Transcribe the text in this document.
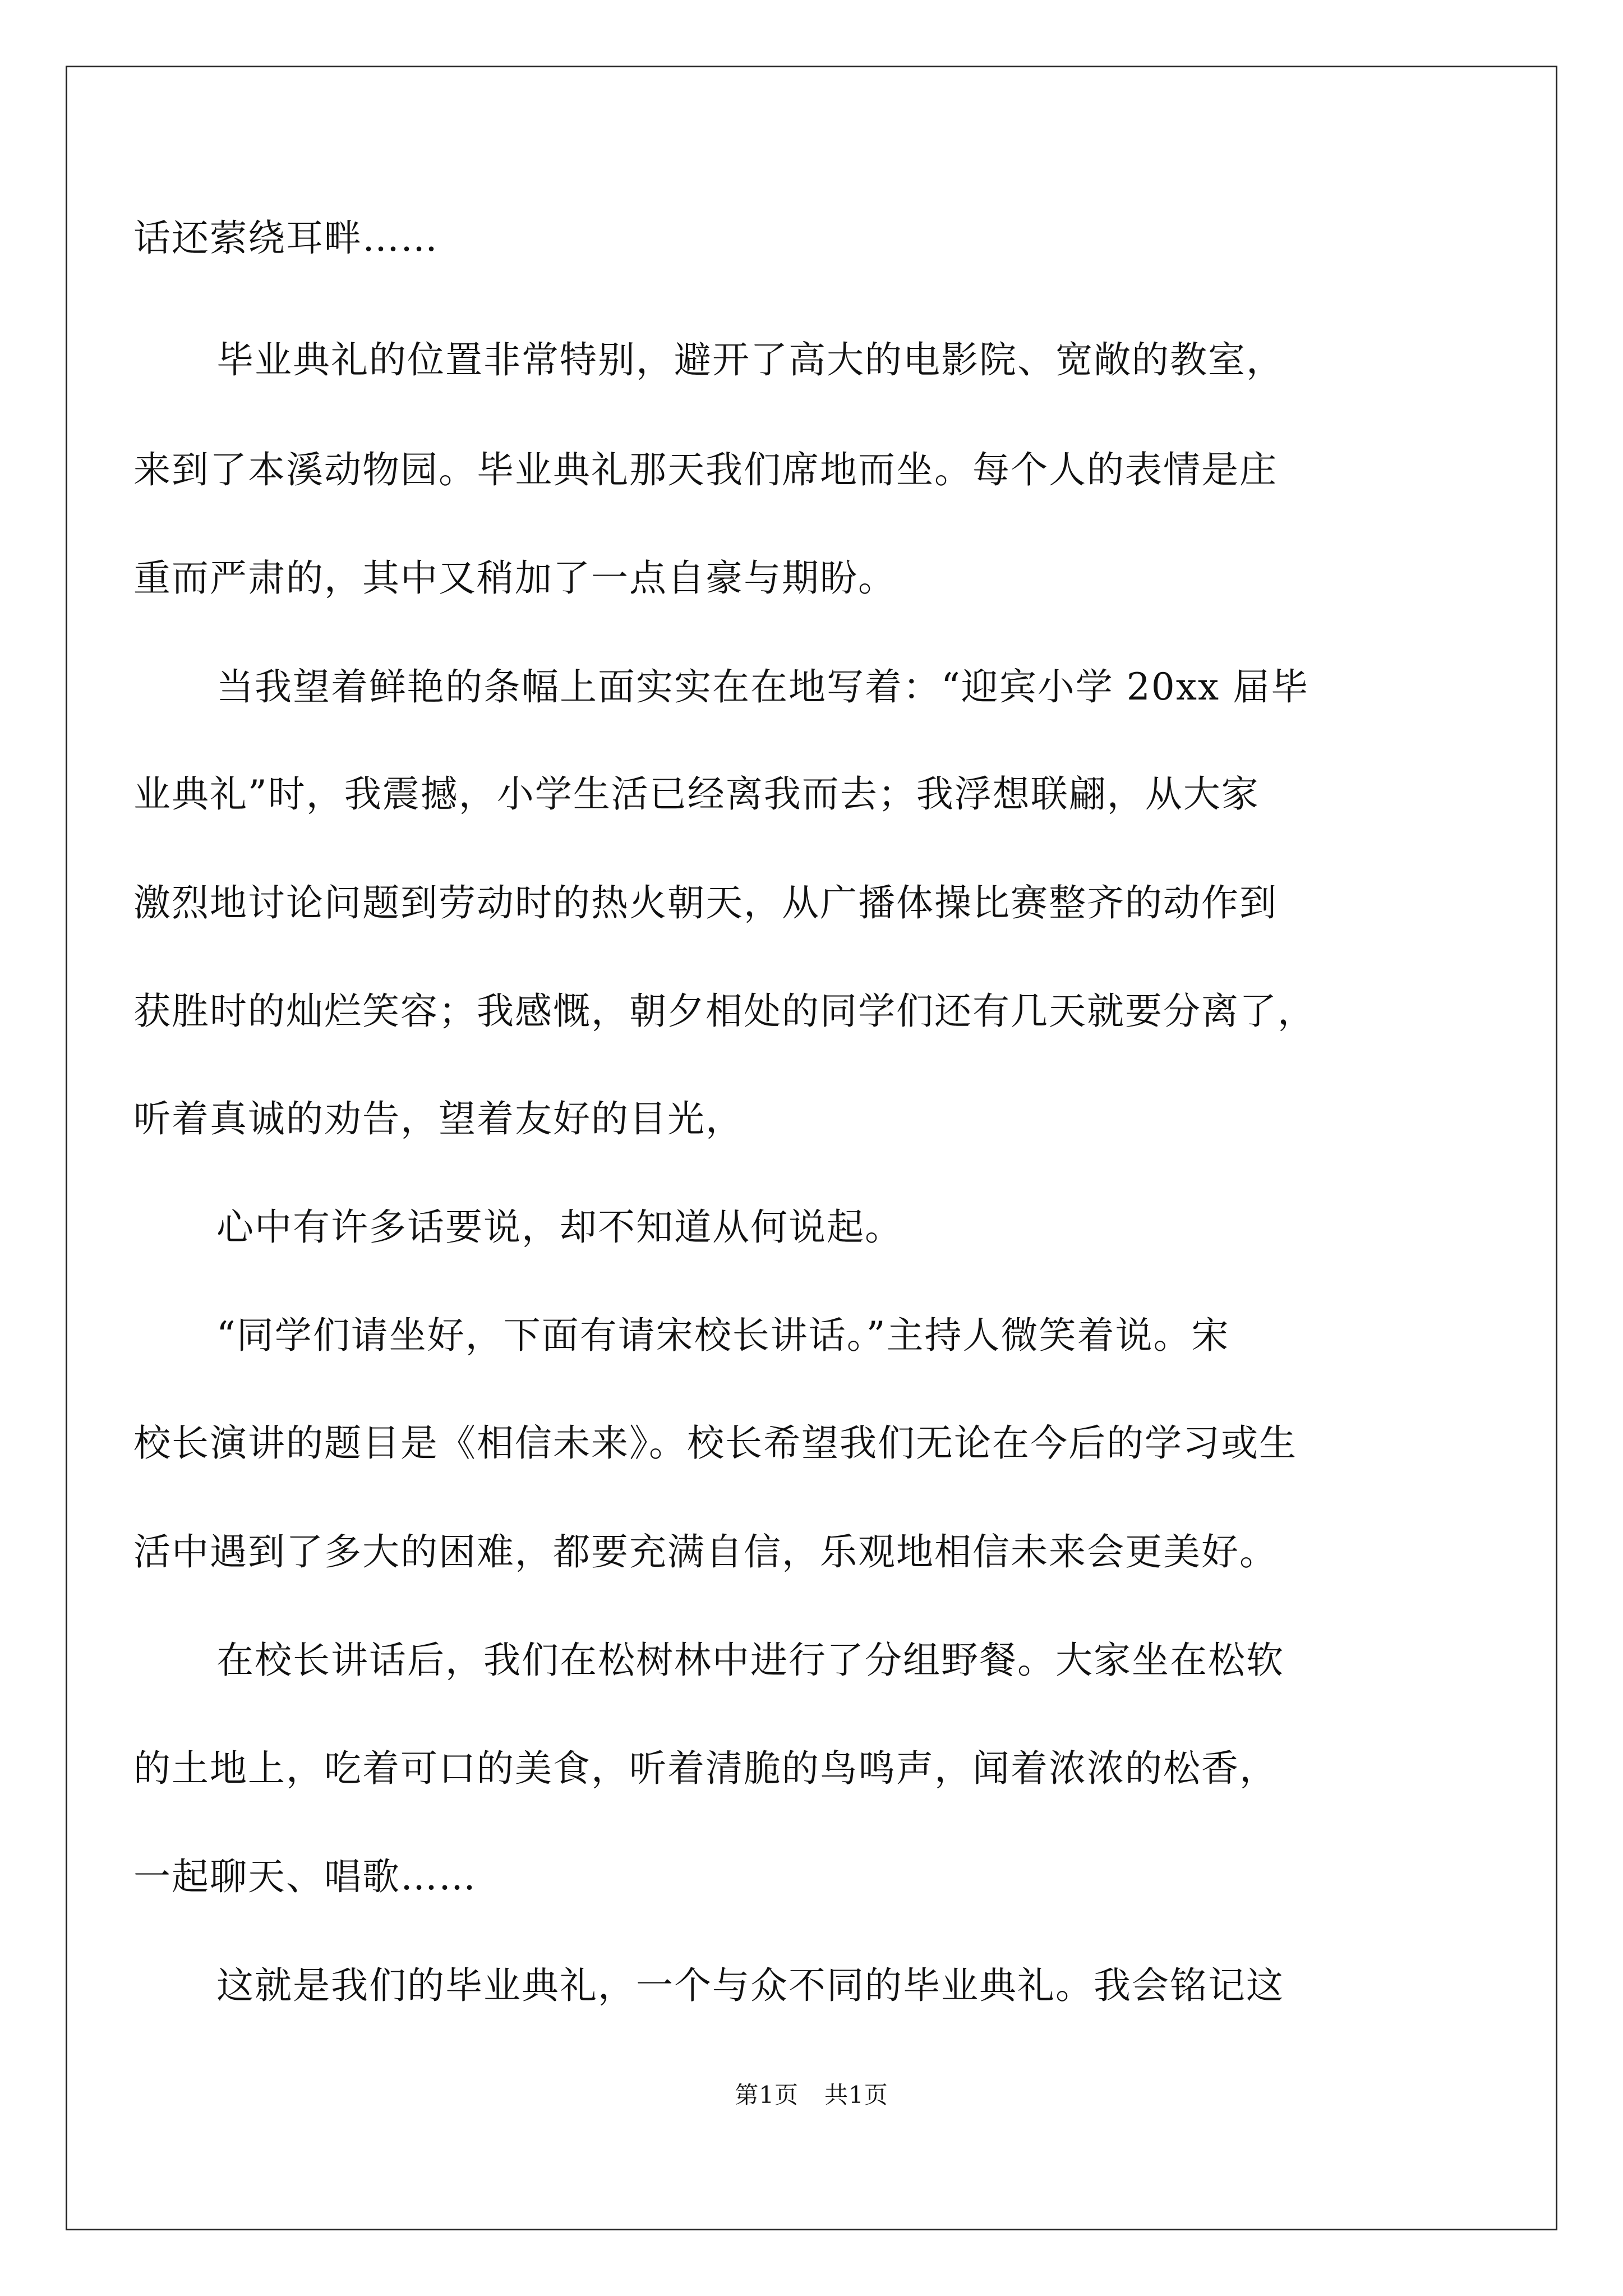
话还萦绕耳畔……
毕业典礼的位置非常特别，避开了高大的电影院、宽敞的教室，
来到了本溪动物园。毕业典礼那天我们席地而坐。每个人的表情是庄
重而严肃的，其中又稍加了一点自豪与期盼。
当我望着鲜艳的条幅上面实实在在地写着：“迎宾小学 20xx 届毕
业典礼”时，我震撼，小学生活已经离我而去；我浮想联翩，从大家
激烈地讨论问题到劳动时的热火朝天，从广播体操比赛整齐的动作到
获胜时的灿烂笑容；我感慨，朝夕相处的同学们还有几天就要分离了，
听着真诚的劝告，望着友好的目光，
心中有许多话要说，却不知道从何说起。
“同学们请坐好，下面有请宋校长讲话。”主持人微笑着说。宋
校长演讲的题目是《相信未来》。校长希望我们无论在今后的学习或生
活中遇到了多大的困难，都要充满自信，乐观地相信未来会更美好。
在校长讲话后，我们在松树林中进行了分组野餐。大家坐在松软
的土地上，吃着可口的美食，听着清脆的鸟鸣声，闻着浓浓的松香，
一起聊天、唱歌……
这就是我们的毕业典礼，一个与众不同的毕业典礼。我会铭记这
第1页 共1页
